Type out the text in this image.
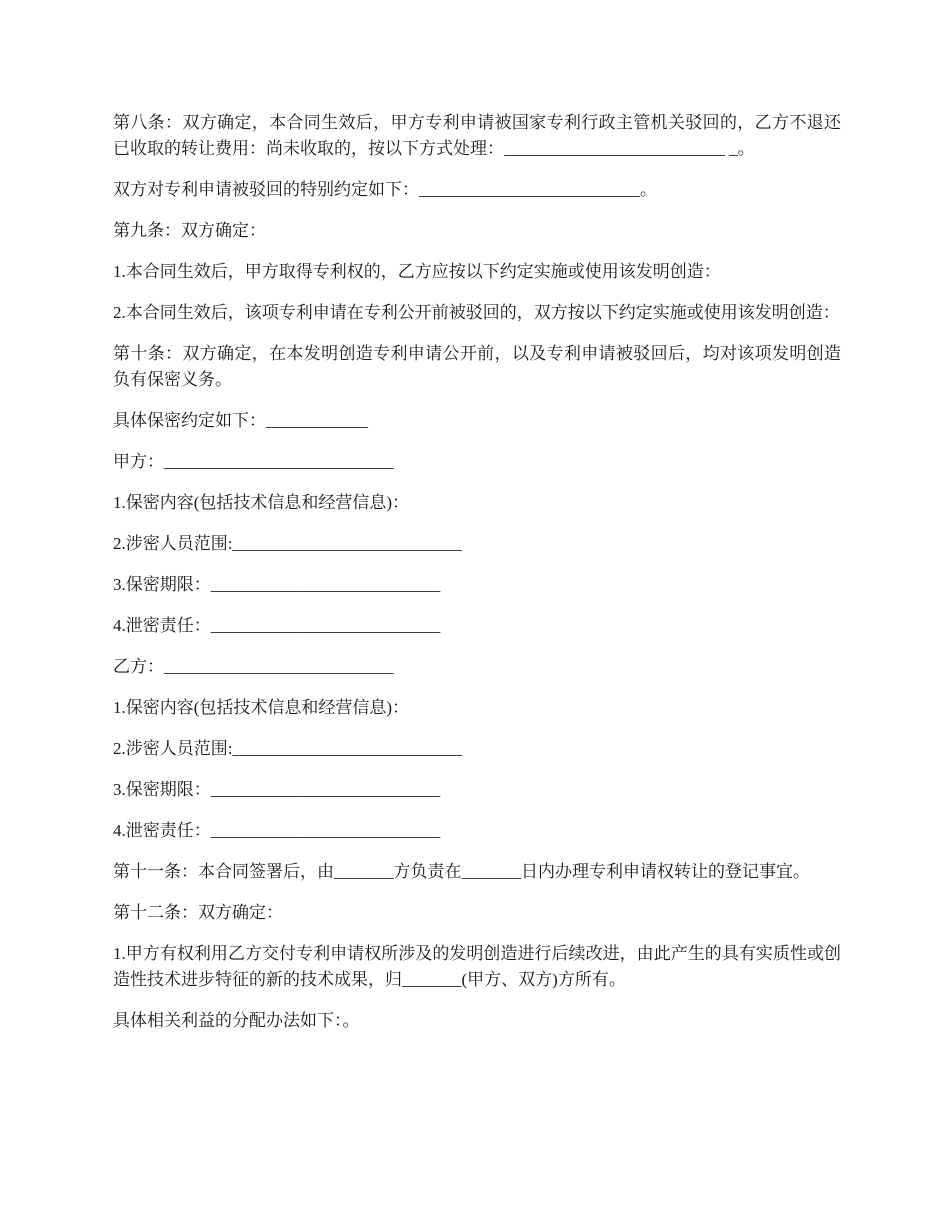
第八条：双方确定，本合同生效后，甲方专利申请被国家专利行政主管机关驳回的，乙方不退还已收取的转让费用：尚未收取的，按以下方式处理：__________________________ _。

双方对专利申请被驳回的特别约定如下：__________________________。

第九条：双方确定：

1.本合同生效后，甲方取得专利权的，乙方应按以下约定实施或使用该发明创造：

2.本合同生效后，该项专利申请在专利公开前被驳回的，双方按以下约定实施或使用该发明创造：

第十条：双方确定，在本发明创造专利申请公开前，以及专利申请被驳回后，均对该项发明创造负有保密义务。

具体保密约定如下：____________

甲方：___________________________

1.保密内容(包括技术信息和经营信息)：

2.涉密人员范围:___________________________

3.保密期限：___________________________

4.泄密责任：___________________________

乙方：___________________________

1.保密内容(包括技术信息和经营信息)：

2.涉密人员范围:___________________________

3.保密期限：___________________________

4.泄密责任：___________________________

第十一条：本合同签署后，由_______方负责在_______日内办理专利申请权转让的登记事宜。

第十二条：双方确定：

1.甲方有权利用乙方交付专利申请权所涉及的发明创造进行后续改进，由此产生的具有实质性或创造性技术进步特征的新的技术成果，归_______(甲方、双方)方所有。

具体相关利益的分配办法如下：。
